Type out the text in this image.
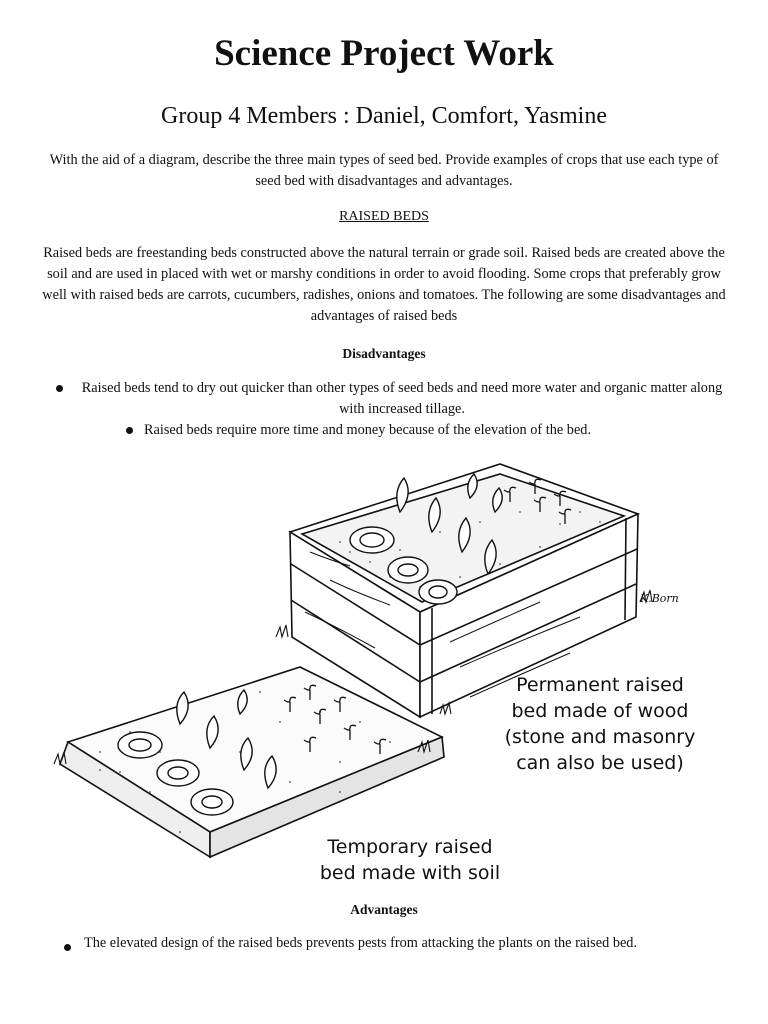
Science Project Work
Group 4 Members : Daniel, Comfort, Yasmine

With the aid of a diagram, describe the three main types of seed bed. Provide examples of crops that use each type of seed bed with disadvantages and advantages.

RAISED BEDS

Raised beds are freestanding beds constructed above the natural terrain or grade soil. Raised beds are created above the soil and are used in placed with wet or marshy conditions in order to avoid flooding. Some crops that preferably grow well with raised beds are carrots, cucumbers, radishes, onions and tomatoes. The following are some disadvantages and advantages of raised beds

Disadvantages

Raised beds tend to dry out quicker than other types of seed beds and need more water and organic matter along with increased tillage.

Raised beds require more time and money because of the elevation of the bed.

K.Born

Permanent raised

bed made of wood

(stone and masonry

can also be used)

Temporary raised

bed made with soil

Advantages

The elevated design of the raised beds prevents pests from attacking the plants on the raised bed.
